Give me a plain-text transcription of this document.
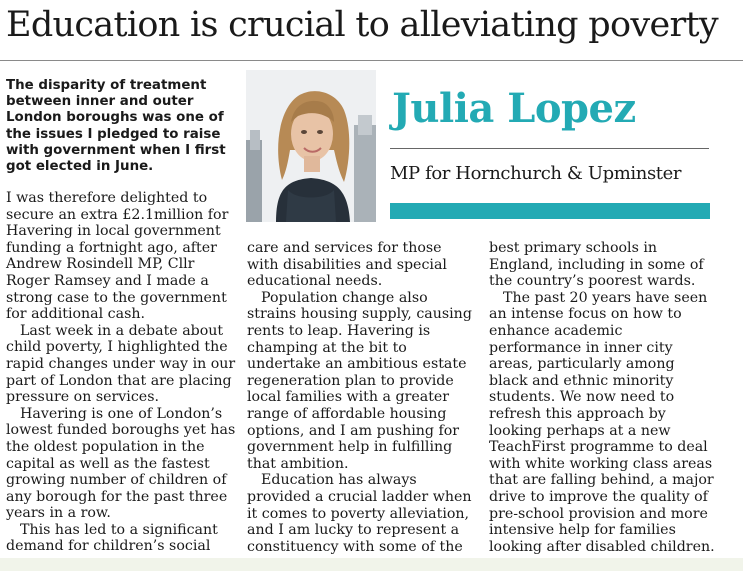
Education is crucial to alleviating poverty
The disparity of treatment between inner and outer London boroughs was one of the issues I pledged to raise with government when I first got elected in June.
Julia Lopez

MP for Hornchurch & Upminster

I was therefore delighted to secure an extra £2.1million for Havering in local government funding a fortnight ago, after Andrew Rosindell MP, Cllr Roger Ramsey and I made a strong case to the government for additional cash.

Last week in a debate about child poverty, I highlighted the rapid changes under way in our part of London that are placing pressure on services.

Havering is one of London’s lowest funded boroughs yet has the oldest population in the capital as well as the fastest growing number of children of any borough for the past three years in a row.

This has led to a significant demand for children’s social

care and services for those with disabilities and special educational needs.

Population change also strains housing supply, causing rents to leap. Havering is champing at the bit to undertake an ambitious estate regeneration plan to provide local families with a greater range of affordable housing options, and I am pushing for government help in fulfilling that ambition.

Education has always provided a crucial ladder when it comes to poverty alleviation, and I am lucky to represent a constituency with some of the

best primary schools in England, including in some of the country’s poorest wards.

The past 20 years have seen an intense focus on how to enhance academic performance in inner city areas, particularly among black and ethnic minority students. We now need to refresh this approach by looking perhaps at a new TeachFirst programme to deal with white working class areas that are falling behind, a major drive to improve the quality of pre-school provision and more intensive help for families looking after disabled children.
